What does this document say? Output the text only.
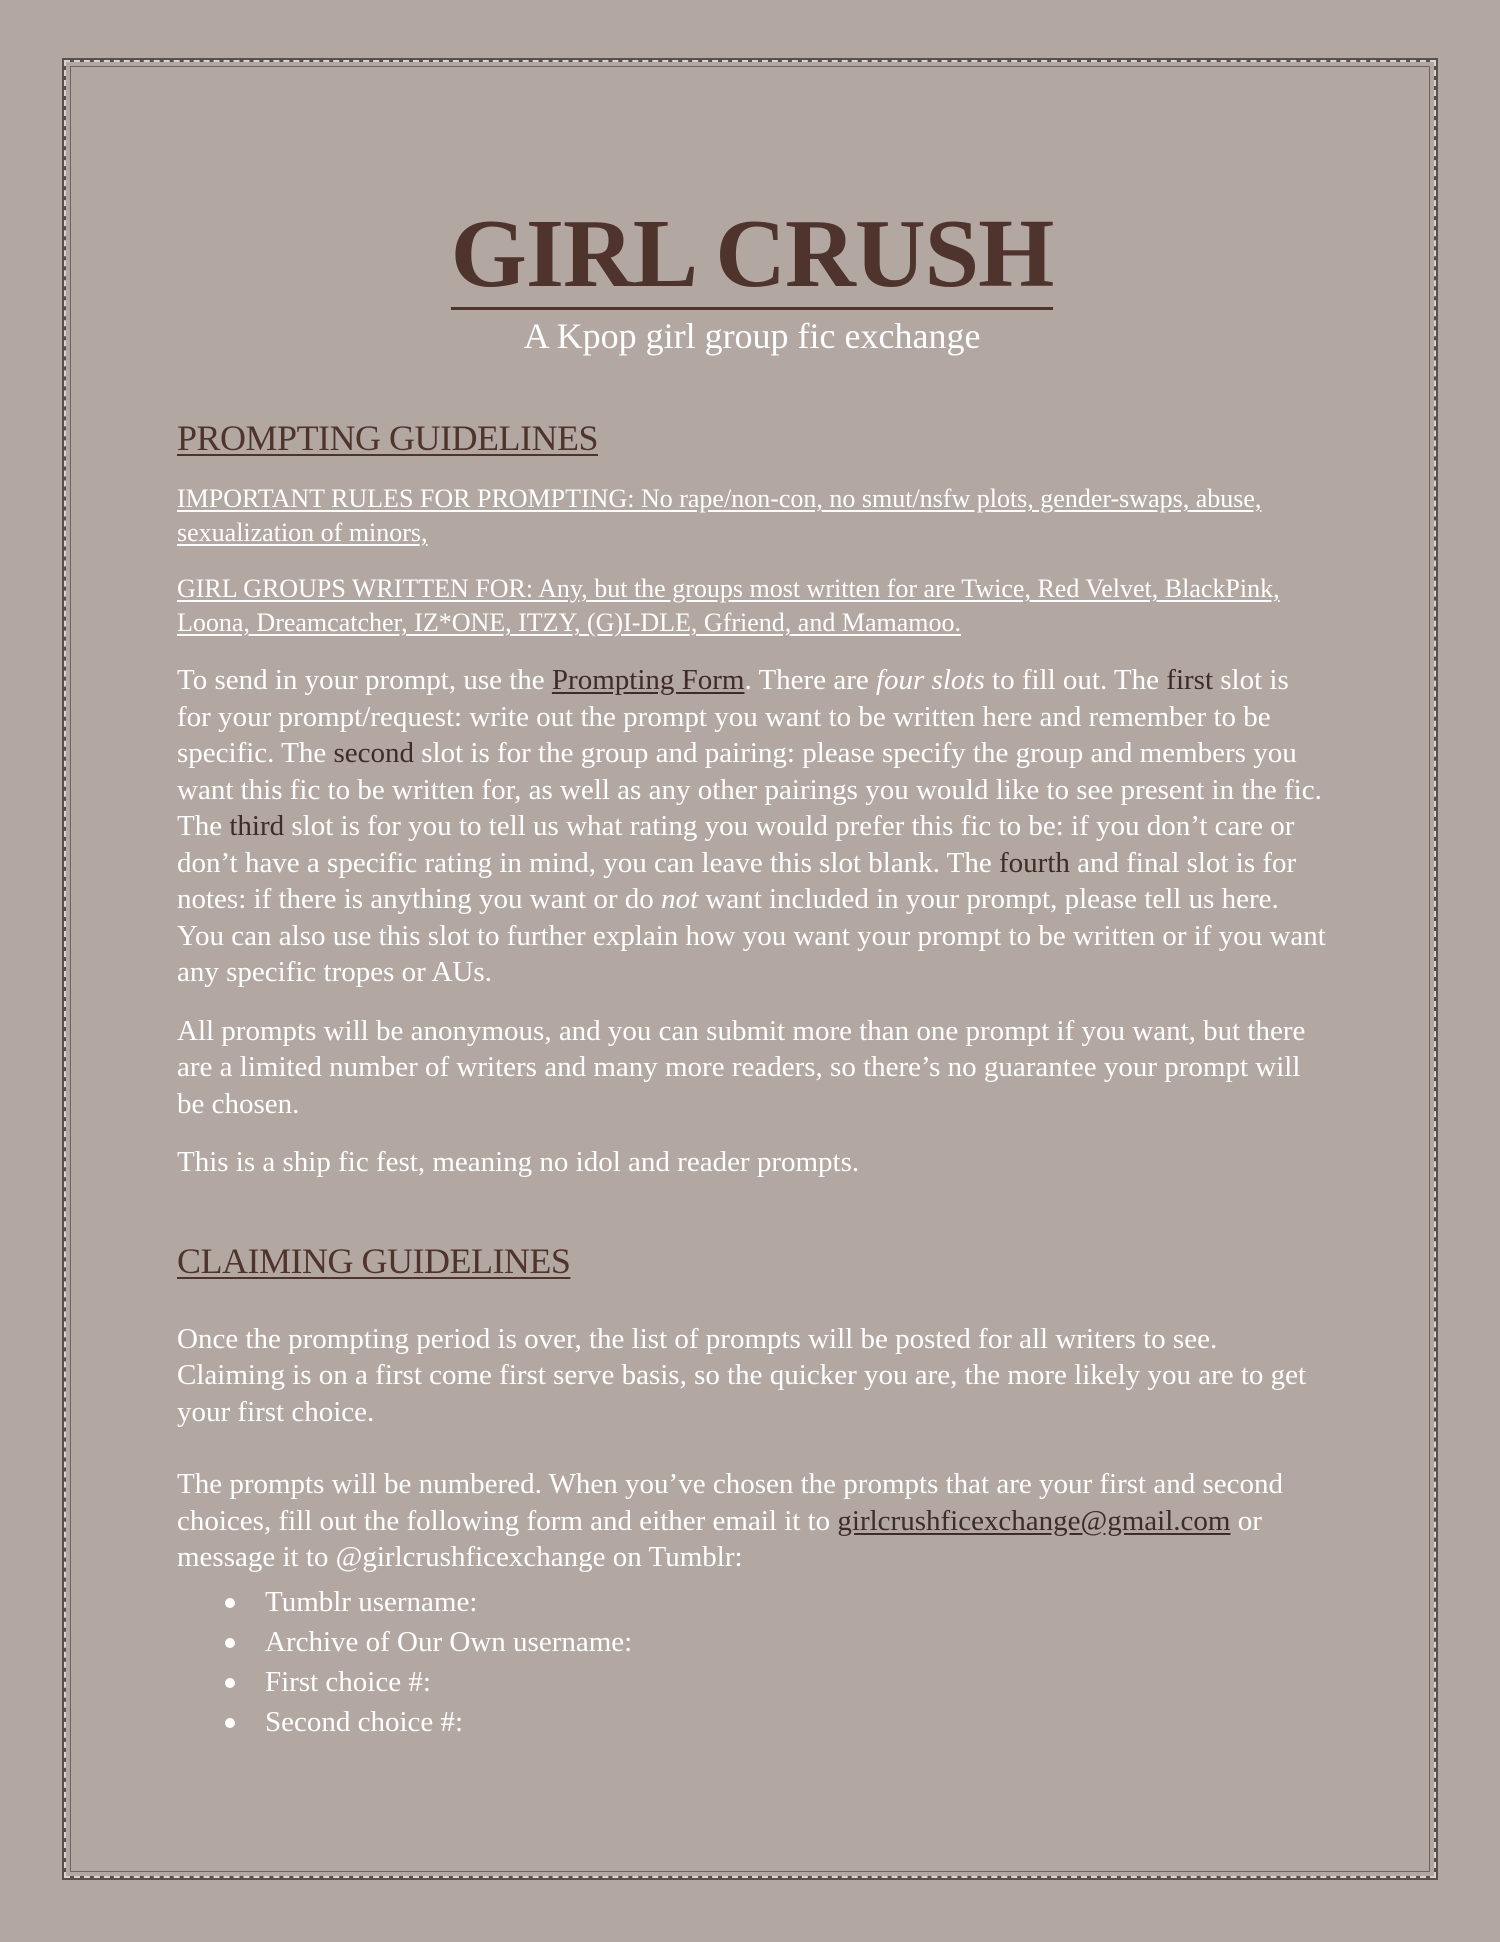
GIRL CRUSH
A Kpop girl group fic exchange
PROMPTING GUIDELINES

IMPORTANT RULES FOR PROMPTING: No rape/non-con, no smut/nsfw plots, gender-swaps, abuse, sexualization of minors,

GIRL GROUPS WRITTEN FOR: Any, but the groups most written for are Twice, Red Velvet, BlackPink, Loona, Dreamcatcher, IZ*ONE, ITZY, (G)I-DLE, Gfriend, and Mamamoo.

To send in your prompt, use the Prompting Form. There are four slots to fill out. The first slot is for your prompt/request: write out the prompt you want to be written here and remember to be specific. The second slot is for the group and pairing: please specify the group and members you want this fic to be written for, as well as any other pairings you would like to see present in the fic. The third slot is for you to tell us what rating you would prefer this fic to be: if you don’t care or don’t have a specific rating in mind, you can leave this slot blank. The fourth and final slot is for notes: if there is anything you want or do not want included in your prompt, please tell us here. You can also use this slot to further explain how you want your prompt to be written or if you want any specific tropes or AUs.

All prompts will be anonymous, and you can submit more than one prompt if you want, but there are a limited number of writers and many more readers, so there’s no guarantee your prompt will be chosen.

This is a ship fic fest, meaning no idol and reader prompts.

CLAIMING GUIDELINES

Once the prompting period is over, the list of prompts will be posted for all writers to see. Claiming is on a first come first serve basis, so the quicker you are, the more likely you are to get your first choice.

The prompts will be numbered. When you’ve chosen the prompts that are your first and second choices, fill out the following form and either email it to girlcrushficexchange@gmail.com or message it to @girlcrushficexchange on Tumblr:

Tumblr username:
Archive of Our Own username:
First choice #:
Second choice #:
